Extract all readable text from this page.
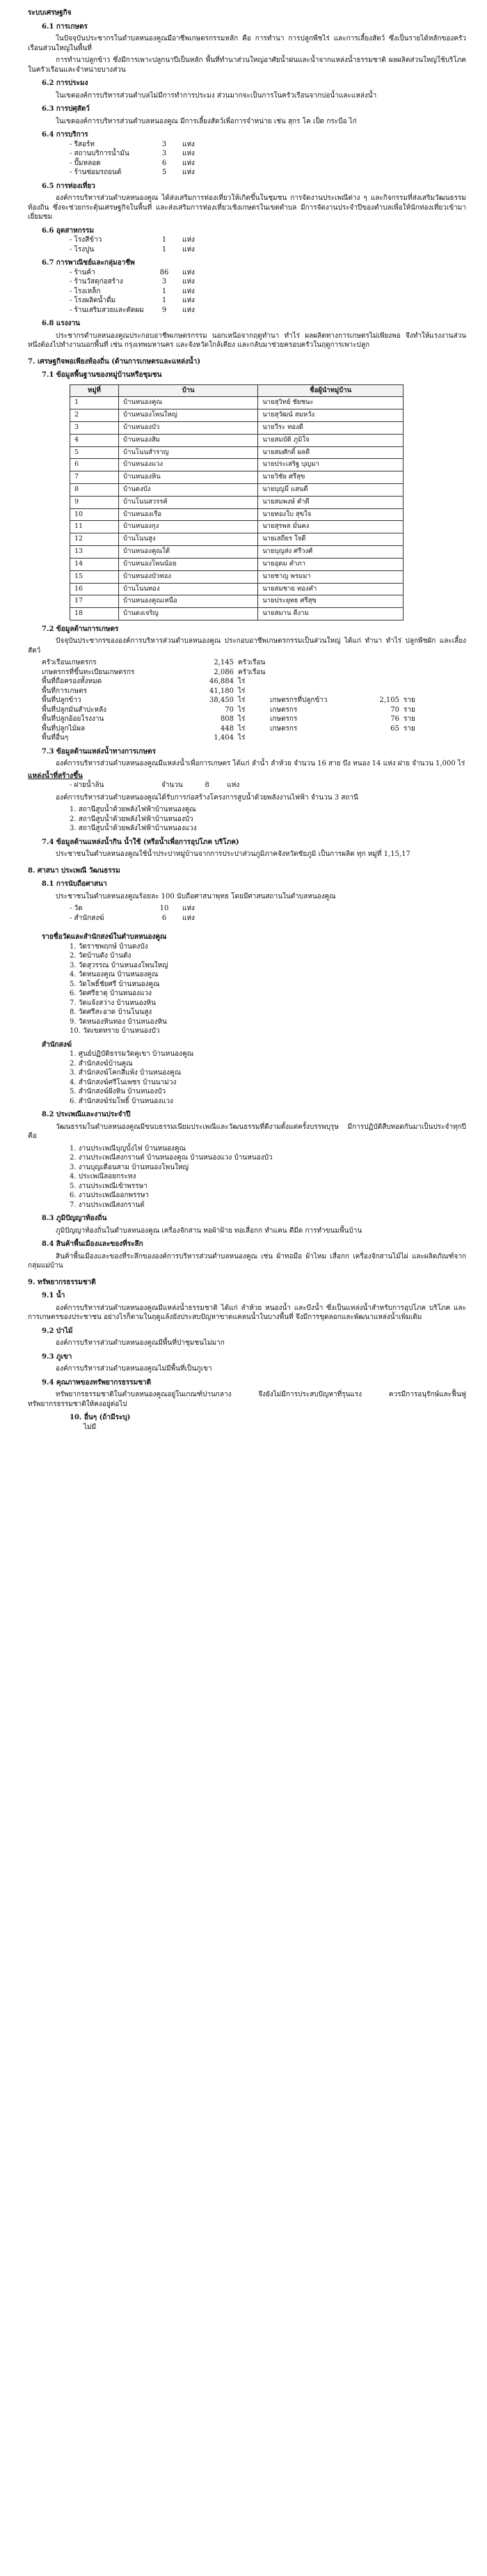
ระบบเศรษฐกิจ
6.1 การเกษตร
ในปัจจุบันประชากรในตำบลหนองคูณมีอาชีพเกษตรกรรมหลัก คือ การทำนา การปลูกพืชไร่ และการเลี้ยงสัตว์ ซึ่งเป็นรายได้หลักของครัวเรือนส่วนใหญ่ในพื้นที่
การทำนาปลูกข้าว ซึ่งมีการเพาะปลูกนาปีเป็นหลัก พื้นที่ทำนาส่วนใหญ่อาศัยน้ำฝนและน้ำจากแหล่งน้ำธรรมชาติ ผลผลิตส่วนใหญ่ใช้บริโภคในครัวเรือนและจำหน่ายบางส่วน
6.2 การประมง
ในเขตองค์การบริหารส่วนตำบลไม่มีการทำการประมง ส่วนมากจะเป็นการในครัวเรือนจากบ่อน้ำและแหล่งน้ำ
6.3 การปศุสัตว์
ในเขตองค์การบริหารส่วนตำบลหนองคูณ มีการเลี้ยงสัตว์เพื่อการจำหน่าย เช่น สุกร โค เป็ด กระบือ ไก่
6.4 การบริการ
- รีสอร์ท	3	แห่ง
- สถานบริการน้ำมัน	3	แห่ง
- ปั๊มหลอด	6	แห่ง
- ร้านซ่อมรถยนต์	5	แห่ง
6.5 การท่องเที่ยว
องค์การบริหารส่วนตำบลหนองคูณ ได้ส่งเสริมการท่องเที่ยวให้เกิดขึ้นในชุมชน การจัดงานประเพณีต่าง ๆ และกิจกรรมที่ส่งเสริมวัฒนธรรมท้องถิ่น ซึ่งจะช่วยกระตุ้นเศรษฐกิจในพื้นที่ และส่งเสริมการท่องเที่ยวเชิงเกษตรในเขตตำบล มีการจัดงานประจำปีของตำบลเพื่อให้นักท่องเที่ยวเข้ามาเยี่ยมชม
6.6 อุตสาหกรรม
- โรงสีข้าว	1	แห่ง
- โรงปูน	1	แห่ง
6.7 การพาณิชย์และกลุ่มอาชีพ
- ร้านค้า	86	แห่ง
- ร้านวัสดุก่อสร้าง	3	แห่ง
- โรงเหล็ก	1	แห่ง
- โรงผลิตน้ำดื่ม	1	แห่ง
- ร้านเสริมสวยและตัดผม	9	แห่ง
6.8 แรงงาน
ประชากรตำบลหนองคูณประกอบอาชีพเกษตรกรรม นอกเหนือจากฤดูทำนา ทำไร่ ผลผลิตทางการเกษตรไม่เพียงพอ จึงทำให้แรงงานส่วนหนึ่งต้องไปทำงานนอกพื้นที่ เช่น กรุงเทพมหานคร และจังหวัดใกล้เคียง และกลับมาช่วยครอบครัวในฤดูการเพาะปลูก
7. เศรษฐกิจพอเพียงท้องถิ่น (ด้านการเกษตรและแหล่งน้ำ)
7.1 ข้อมูลพื้นฐานของหมู่บ้านหรือชุมชน
หมู่ที่	บ้าน	ชื่อผู้นำหมู่บ้าน
1	บ้านหนองคูณ	นายสุวิทย์ ชัยชนะ
2	บ้านหนองโพนใหญ่	นายสุวัฒน์ สมหวัง
3	บ้านหนองบัว	นายวีระ ทองดี
4	บ้านหนองสิม	นายสมบัติ ภูมิใจ
5	บ้านโนนสำราญ	นายสมศักดิ์ ผลดี
6	บ้านหนองแวง	นายประเสริฐ บุญมา
7	บ้านหนองหิน	นายวิชัย ศรีสุข
8	บ้านดงบัง	นายบุญมี แสนดี
9	บ้านโนนสวรรค์	นายสมพงษ์ คำดี
10	บ้านหนองเรือ	นายทองใบ สุขใจ
11	บ้านหนองกุง	นายสุรพล มั่นคง
12	บ้านโนนสูง	นายเสถียร ใจดี
13	บ้านหนองคูณใต้	นายบุญส่ง ศรีวงศ์
14	บ้านหนองโพนน้อย	นายอุดม คำภา
15	บ้านหนองบัวทอง	นายชาญ พรมมา
16	บ้านโนนทอง	นายสมชาย ทองคำ
17	บ้านหนองคูณเหนือ	นายประยุทธ ศรีสุข
18	บ้านดงเจริญ	นายสมาน ดีงาม
7.2 ข้อมูลด้านการเกษตร
ปัจจุบันประชากรขององค์การบริหารส่วนตำบลหนองคูณ ประกอบอาชีพเกษตรกรรมเป็นส่วนใหญ่ ได้แก่ ทำนา ทำไร่ ปลูกพืชผัก และเลี้ยงสัตว์
ครัวเรือนเกษตรกร	2,145 ครัวเรือน
เกษตรกรที่ขึ้นทะเบียนเกษตรกร	2,086 ครัวเรือน
พื้นที่ถือครองทั้งหมด	46,884 ไร่
พื้นที่การเกษตร	41,180 ไร่
พื้นที่ปลูกข้าว	38,450 ไร่	เกษตรกรที่ปลูกข้าว	2,105 ราย
พื้นที่ปลูกมันสำปะหลัง	70 ไร่	เกษตรกร	70 ราย
พื้นที่ปลูกอ้อยโรงงาน	808 ไร่	เกษตรกร	76 ราย
พื้นที่ปลูกไม้ผล	448 ไร่	เกษตรกร	65 ราย
พื้นที่อื่นๆ	1,404 ไร่
7.3 ข้อมูลด้านแหล่งน้ำทางการเกษตร
องค์การบริหารส่วนตำบลหนองคูณมีแหล่งน้ำเพื่อการเกษตร ได้แก่ ลำน้ำ ลำห้วย จำนวน 16 สาย บึง หนอง 14 แห่ง ฝาย จำนวน 1,000 ไร่
แหล่งน้ำที่สร้างขึ้น
- ฝายน้ำล้น                          จำนวน          8        แห่ง
องค์การบริหารส่วนตำบลหนองคูณได้รับการก่อสร้างโครงการสูบน้ำด้วยพลังงานไฟฟ้า จำนวน 3 สถานี
1. สถานีสูบน้ำด้วยพลังไฟฟ้าบ้านหนองคูณ
2. สถานีสูบน้ำด้วยพลังไฟฟ้าบ้านหนองบัว
3. สถานีสูบน้ำด้วยพลังไฟฟ้าบ้านหนองแวง
7.4 ข้อมูลด้านแหล่งน้ำกิน น้ำใช้ (หรือน้ำเพื่อการอุปโภค บริโภค)
ประชาชนในตำบลหนองคูณใช้น้ำประปาหมู่บ้านจากการประปาส่วนภูมิภาคจังหวัดชัยภูมิ เป็นการผลิต ทุก หมู่ที่ 1,15,17
8. ศาสนา ประเพณี วัฒนธรรม
8.1 การนับถือศาสนา
ประชาชนในตำบลหนองคูณร้อยละ 100 นับถือศาสนาพุทธ โดยมีศาสนสถานในตำบลหนองคูณ
- วัด	10	แห่ง
- สำนักสงฆ์	6	แห่ง
รายชื่อวัดและสำนักสงฆ์ในตำบลหนองคูณ
1. วัดราชพฤกษ์ บ้านดงบัง
2. วัดบ้านดัง บ้านดัง
3. วัดสุวรรณ บ้านหนองโพนใหญ่
4. วัดหนองคูณ บ้านหนองคูณ
5. วัดโพธิ์ชัยศรี บ้านหนองคูณ
6. วัดศรีธาตุ บ้านหนองแวง
7. วัดแจ้งสว่าง บ้านหนองหิน
8. วัดศรีสะอาด บ้านโนนสูง
9. วัดหนองหินทอง บ้านหนองหิน
10. วัดเขตทราย บ้านหนองบัว
สำนักสงฆ์
1. ศูนย์ปฏิบัติธรรมวัดคูเขา บ้านหนองคูณ
2. สำนักสงฆ์บ้านคูณ
3. สำนักสงฆ์โคกสีแพ้ง บ้านหนองคูณ
4. สำนักสงฆ์ศรีโนเพชร บ้านนาม่วง
5. สำนักสงฆ์ฝั่งหิน บ้านหนองบัว
6. สำนักสงฆ์ร่มโพธิ์ บ้านหนองแวง
8.2 ประเพณีและงานประจำปี
วัฒนธรรมในตำบลหนองคูณมีขนบธรรมเนียมประเพณีและวัฒนธรรมที่ดีงามตั้งแต่ครั้งบรรพบุรุษ มีการปฏิบัติสืบทอดกันมาเป็นประจำทุกปี คือ
1. งานประเพณีบุญบั้งไฟ บ้านหนองคูณ
2. งานประเพณีสงกรานต์ บ้านหนองคูณ บ้านหนองแวง บ้านหนองบัว
3. งานบุญเดือนสาม บ้านหนองโพนใหญ่
4. ประเพณีลอยกระทง
5. งานประเพณีเข้าพรรษา
6. งานประเพณีออกพรรษา
7. งานประเพณีสงกรานต์
8.3 ภูมิปัญญาท้องถิ่น
ภูมิปัญญาท้องถิ่นในตำบลหนองคูณ เครื่องจักสาน ทอผ้าฝ้าย ทอเสื่อกก ทำแคน ตีมีด การทำขนมพื้นบ้าน
8.4 สินค้าพื้นเมืองและของที่ระลึก
สินค้าพื้นเมืองและของที่ระลึกขององค์การบริหารส่วนตำบลหนองคูณ เช่น ผ้าทอมือ ผ้าไหม เสื่อกก เครื่องจักสานไม้ไผ่ และผลิตภัณฑ์จากกลุ่มแม่บ้าน
9. ทรัพยากรธรรมชาติ
9.1 น้ำ
องค์การบริหารส่วนตำบลหนองคูณมีแหล่งน้ำธรรมชาติ ได้แก่ ลำห้วย หนองน้ำ และบึงน้ำ ซึ่งเป็นแหล่งน้ำสำหรับการอุปโภค บริโภค และการเกษตรของประชาชน อย่างไรก็ตามในฤดูแล้งยังประสบปัญหาขาดแคลนน้ำในบางพื้นที่ จึงมีการขุดลอกและพัฒนาแหล่งน้ำเพิ่มเติม
9.2 ป่าไม้
องค์การบริหารส่วนตำบลหนองคูณมีพื้นที่ป่าชุมชนไม่มาก
9.3 ภูเขา
องค์การบริหารส่วนตำบลหนองคูณไม่มีพื้นที่เป็นภูเขา
9.4 คุณภาพของทรัพยากรธรรมชาติ
ทรัพยากรธรรมชาติในตำบลหนองคูณอยู่ในเกณฑ์ปานกลาง จึงยังไม่มีการประสบปัญหาที่รุนแรง ควรมีการอนุรักษ์และฟื้นฟูทรัพยากรธรรมชาติให้คงอยู่ต่อไป
10. อื่นๆ (ถ้ามีระบุ)
ไม่มี
